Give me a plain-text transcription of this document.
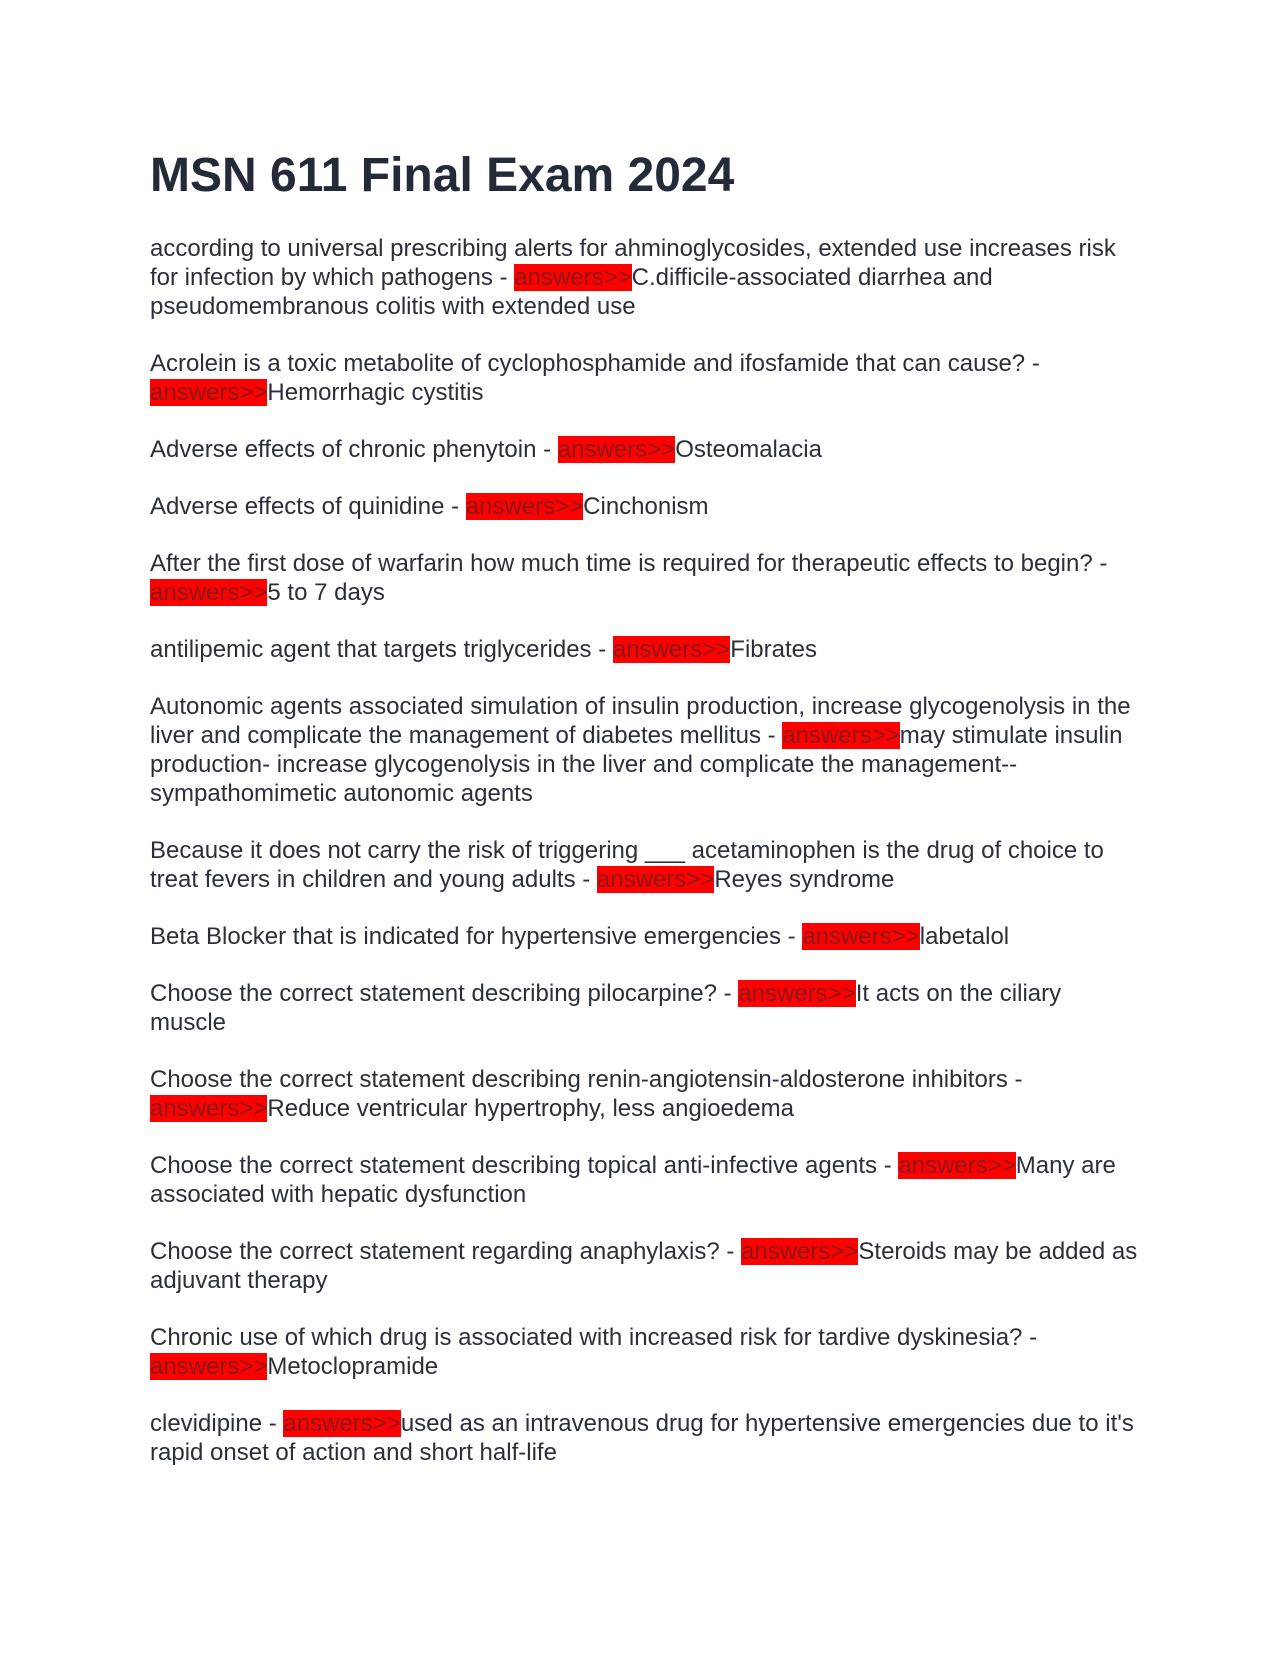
MSN 611 Final Exam 2024

according to universal prescribing alerts for ahminoglycosides, extended use increases risk for infection by which pathogens - answers>>C.difficile-associated diarrhea and pseudomembranous colitis with extended use

Acrolein is a toxic metabolite of cyclophosphamide and ifosfamide that can cause? - answers>>Hemorrhagic cystitis

Adverse effects of chronic phenytoin - answers>>Osteomalacia

Adverse effects of quinidine - answers>>Cinchonism

After the first dose of warfarin how much time is required for therapeutic effects to begin? - answers>>5 to 7 days

antilipemic agent that targets triglycerides - answers>>Fibrates

Autonomic agents associated simulation of insulin production, increase glycogenolysis in the liver and complicate the management of diabetes mellitus - answers>>may stimulate insulin production- increase glycogenolysis in the liver and complicate the management--sympathomimetic autonomic agents

Because it does not carry the risk of triggering ___ acetaminophen is the drug of choice to treat fevers in children and young adults - answers>>Reyes syndrome

Beta Blocker that is indicated for hypertensive emergencies - answers>>labetalol

Choose the correct statement describing pilocarpine? - answers>>It acts on the ciliary muscle

Choose the correct statement describing renin-angiotensin-aldosterone inhibitors - answers>>Reduce ventricular hypertrophy, less angioedema

Choose the correct statement describing topical anti-infective agents - answers>>Many are associated with hepatic dysfunction

Choose the correct statement regarding anaphylaxis? - answers>>Steroids may be added as adjuvant therapy

Chronic use of which drug is associated with increased risk for tardive dyskinesia? - answers>>Metoclopramide

clevidipine - answers>>used as an intravenous drug for hypertensive emergencies due to it's rapid onset of action and short half-life
